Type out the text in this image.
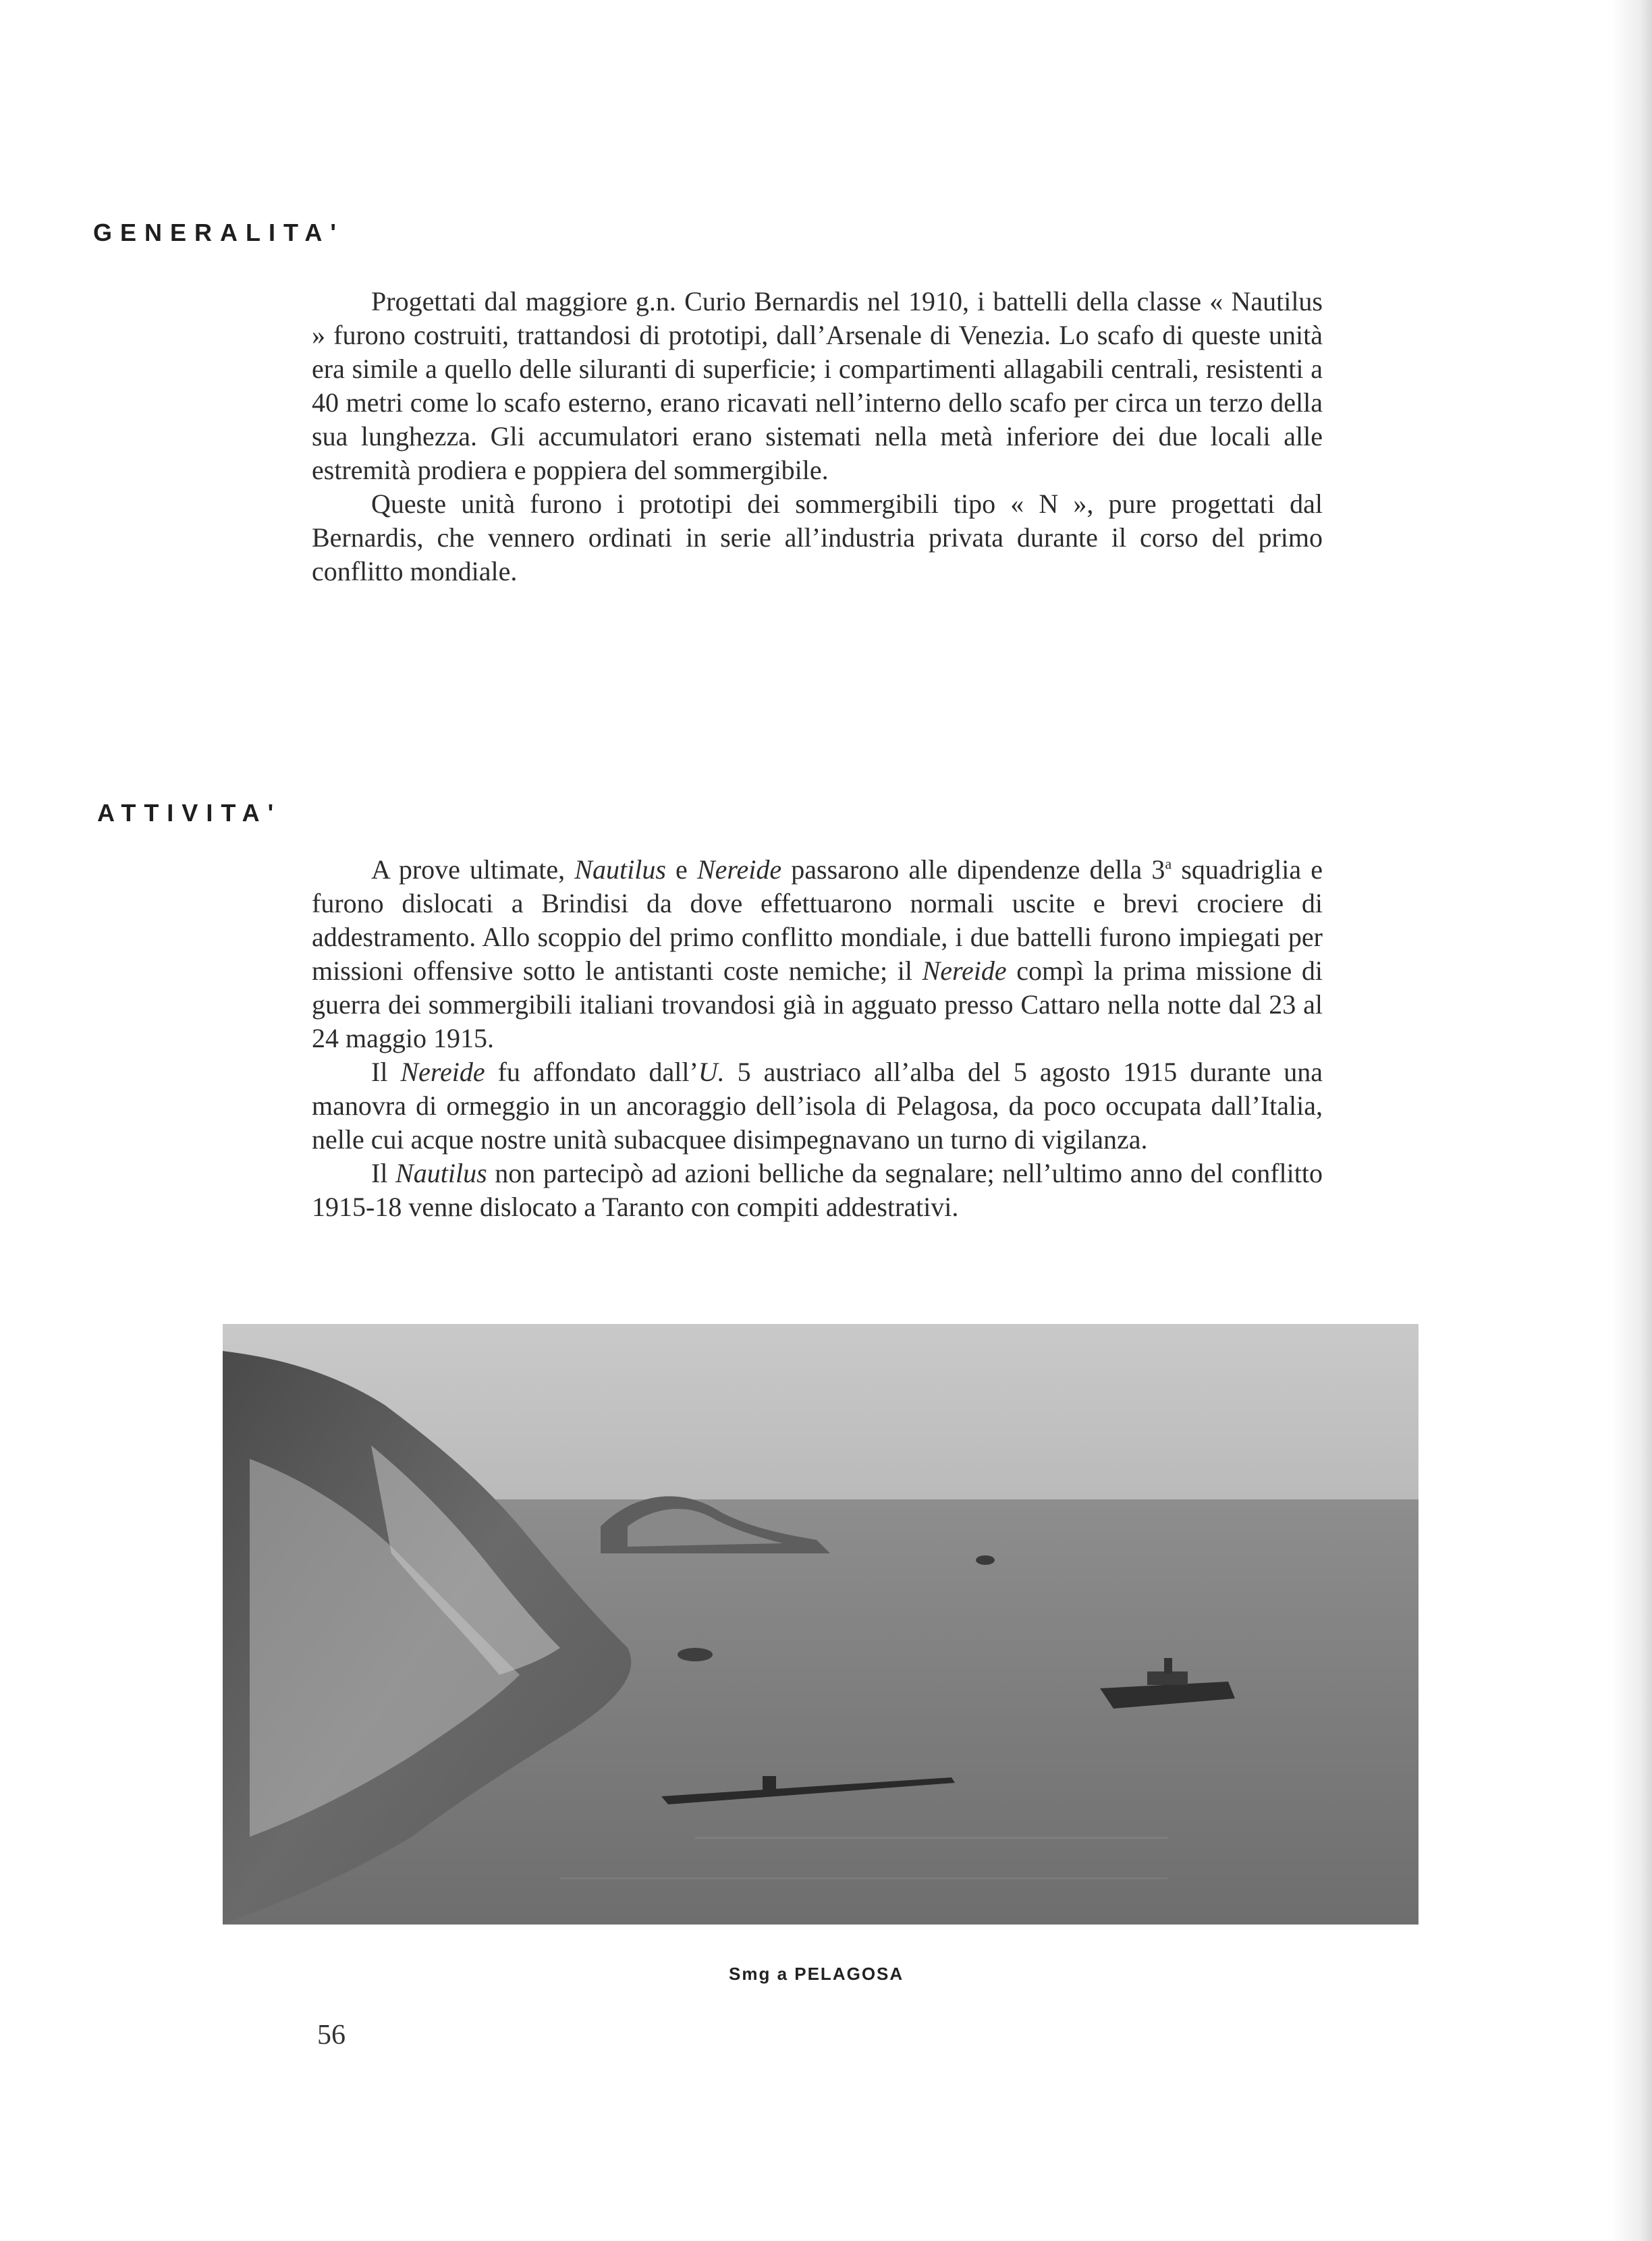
GENERALITA'

Progettati dal maggiore g.n. Curio Bernardis nel 1910, i battelli della classe « Nautilus » furono costruiti, trattandosi di prototipi, dall’Arsenale di Venezia. Lo scafo di queste unità era simile a quello delle siluranti di superficie; i compartimenti allagabili centrali, resistenti a 40 metri come lo scafo esterno, erano ricavati nell’interno dello scafo per circa un terzo della sua lunghezza. Gli accumulatori erano sistemati nella metà inferiore dei due locali alle estremità prodiera e poppiera del sommergibile.

Queste unità furono i prototipi dei sommergibili tipo « N », pure progettati dal Bernardis, che vennero ordinati in serie all’industria privata durante il corso del primo conflitto mondiale.

ATTIVITA'

A prove ultimate, Nautilus e Nereide passarono alle dipendenze della 3$^a$ squadriglia e furono dislocati a Brindisi da dove effettuarono normali uscite e brevi crociere di addestramento. Allo scoppio del primo conflitto mondiale, i due battelli furono impiegati per missioni offensive sotto le antistanti coste nemiche; il Nereide compì la prima missione di guerra dei sommergibili italiani trovandosi già in agguato presso Cattaro nella notte dal 23 al 24 maggio 1915.

Il Nereide fu affondato dall’U. 5 austriaco all’alba del 5 agosto 1915 durante una manovra di ormeggio in un ancoraggio dell’isola di Pelagosa, da poco occupata dall’Italia, nelle cui acque nostre unità subacquee disimpegnavano un turno di vigilanza.

Il Nautilus non partecipò ad azioni belliche da segnalare; nell’ultimo anno del conflitto 1915-18 venne dislocato a Taranto con compiti addestrativi.

Smg a PELAGOSA
56
